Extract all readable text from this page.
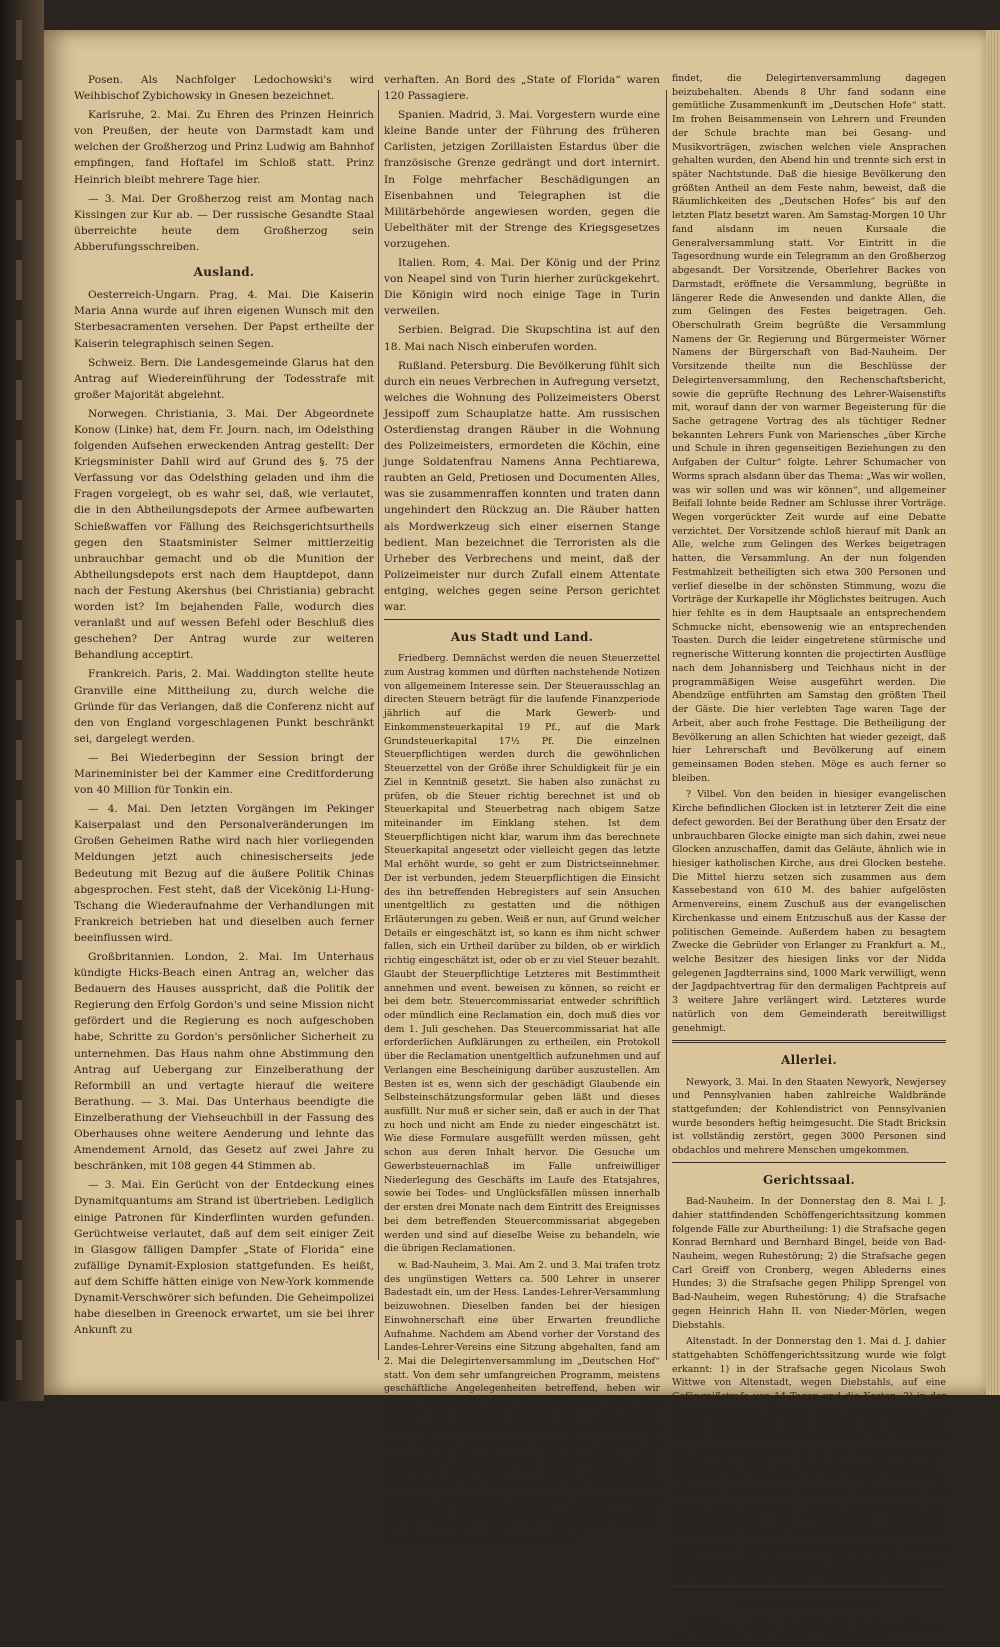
Posen. Als Nachfolger Ledochowski's wird Weihbischof Zybichowsky in Gnesen bezeichnet.

Karlsruhe, 2. Mai. Zu Ehren des Prinzen Heinrich von Preußen, der heute von Darmstadt kam und welchen der Großherzog und Prinz Ludwig am Bahnhof empfingen, fand Hoftafel im Schloß statt. Prinz Heinrich bleibt mehrere Tage hier.

— 3. Mai. Der Großherzog reist am Montag nach Kissingen zur Kur ab. — Der russische Gesandte Staal überreichte heute dem Großherzog sein Abberufungsschreiben.

Ausland.

Oesterreich-Ungarn. Prag, 4. Mai. Die Kaiserin Maria Anna wurde auf ihren eigenen Wunsch mit den Sterbesacramenten versehen. Der Papst ertheilte der Kaiserin telegraphisch seinen Segen.

Schweiz. Bern. Die Landesgemeinde Glarus hat den Antrag auf Wiedereinführung der Todesstrafe mit großer Majorität abgelehnt.

Norwegen. Christiania, 3. Mai. Der Abgeordnete Konow (Linke) hat, dem Fr. Journ. nach, im Odelsthing folgenden Aufsehen erweckenden Antrag gestellt: Der Kriegsminister Dahll wird auf Grund des §. 75 der Verfassung vor das Odelsthing geladen und ihm die Fragen vorgelegt, ob es wahr sei, daß, wie verlautet, die in den Abtheilungsdepots der Armee aufbewarten Schießwaffen vor Fällung des Reichsgerichtsurtheils gegen den Staatsminister Selmer mittlerzeitig unbrauchbar gemacht und ob die Munition der Abtheilungsdepots erst nach dem Hauptdepot, dann nach der Festung Akershus (bei Christiania) gebracht worden ist? Im bejahenden Falle, wodurch dies veranlaßt und auf wessen Befehl oder Beschluß dies geschehen? Der Antrag wurde zur weiteren Behandlung acceptirt.

Frankreich. Paris, 2. Mai. Waddington stellte heute Granville eine Mittheilung zu, durch welche die Gründe für das Verlangen, daß die Conferenz nicht auf den von England vorgeschlagenen Punkt beschränkt sei, dargelegt werden.

— Bei Wiederbeginn der Session bringt der Marineminister bei der Kammer eine Creditforderung von 40 Million für Tonkin ein.

— 4. Mai. Den letzten Vorgängen im Pekinger Kaiserpalast und den Personalveränderungen im Großen Geheimen Rathe wird nach hier vorliegenden Meldungen jetzt auch chinesischerseits jede Bedeutung mit Bezug auf die äußere Politik Chinas abgesprochen. Fest steht, daß der Vicekönig Li-Hung-Tschang die Wiederaufnahme der Verhandlungen mit Frankreich betrieben hat und dieselben auch ferner beeinflussen wird.

Großbritannien. London, 2. Mai. Im Unterhaus kündigte Hicks-Beach einen Antrag an, welcher das Bedauern des Hauses ausspricht, daß die Politik der Regierung den Erfolg Gordon's und seine Mission nicht gefördert und die Regierung es noch aufgeschoben habe, Schritte zu Gordon's persönlicher Sicherheit zu unternehmen. Das Haus nahm ohne Abstimmung den Antrag auf Uebergang zur Einzelberathung der Reformbill an und vertagte hierauf die weitere Berathung. — 3. Mai. Das Unterhaus beendigte die Einzelberathung der Viehseuchbill in der Fassung des Oberhauses ohne weitere Aenderung und lehnte das Amendement Arnold, das Gesetz auf zwei Jahre zu beschränken, mit 108 gegen 44 Stimmen ab.

— 3. Mai. Ein Gerücht von der Entdeckung eines Dynamitquantums am Strand ist übertrieben. Lediglich einige Patronen für Kinderflinten wurden gefunden. Gerüchtweise verlautet, daß auf dem seit einiger Zeit in Glasgow fälligen Dampfer „State of Florida“ eine zufällige Dynamit-Explosion stattgefunden. Es heißt, auf dem Schiffe hätten einige von New-York kommende Dynamit-Verschwörer sich befunden. Die Geheimpolizei habe dieselben in Greenock erwartet, um sie bei ihrer Ankunft zu

verhaften. An Bord des „State of Florida“ waren 120 Passagiere.

Spanien. Madrid, 3. Mai. Vorgestern wurde eine kleine Bande unter der Führung des früheren Carlisten, jetzigen Zorillaisten Estardus über die französische Grenze gedrängt und dort internirt. In Folge mehrfacher Beschädigungen an Eisenbahnen und Telegraphen ist die Militärbehörde angewiesen worden, gegen die Uebelthäter mit der Strenge des Kriegsgesetzes vorzugehen.

Italien. Rom, 4. Mai. Der König und der Prinz von Neapel sind von Turin hierher zurückgekehrt. Die Königin wird noch einige Tage in Turin verweilen.

Serbien. Belgrad. Die Skupschtina ist auf den 18. Mai nach Nisch einberufen worden.

Rußland. Petersburg. Die Bevölkerung fühlt sich durch ein neues Verbrechen in Aufregung versetzt, welches die Wohnung des Polizeimeisters Oberst Jessipoff zum Schauplatze hatte. Am russischen Osterdienstag drangen Räuber in die Wohnung des Polizeimeisters, ermordeten die Köchin, eine junge Soldatenfrau Namens Anna Pechtiarewa, raubten an Geld, Pretiosen und Documenten Alles, was sie zusammenraffen konnten und traten dann ungehindert den Rückzug an. Die Räuber hatten als Mordwerkzeug sich einer eisernen Stange bedient. Man bezeichnet die Terroristen als die Urheber des Verbrechens und meint, daß der Polizeimeister nur durch Zufall einem Attentate entging, welches gegen seine Person gerichtet war.

Aus Stadt und Land.

Friedberg. Demnächst werden die neuen Steuerzettel zum Austrag kommen und dürften nachstehende Notizen von allgemeinem Interesse sein. Der Steuerausschlag an directen Steuern beträgt für die laufende Finanzperiode jährlich auf die Mark Gewerb- und Einkommensteuerkapital 19 Pf., auf die Mark Grundsteuerkapital 17½ Pf. Die einzelnen Steuerpflichtigen werden durch die gewöhnlichen Steuerzettel von der Größe ihrer Schuldigkeit für je ein Ziel in Kenntniß gesetzt. Sie haben also zunächst zu prüfen, ob die Steuer richtig berechnet ist und ob Steuerkapital und Steuerbetrag nach obigem Satze miteinander im Einklang stehen. Ist dem Steuerpflichtigen nicht klar, warum ihm das berechnete Steuerkapital angesetzt oder vielleicht gegen das letzte Mal erhöht wurde, so geht er zum Districtseinnehmer. Der ist verbunden, jedem Steuerpflichtigen die Einsicht des ihn betreffenden Hebregisters auf sein Ansuchen unentgeltlich zu gestatten und die nöthigen Erläuterungen zu geben. Weiß er nun, auf Grund welcher Details er eingeschätzt ist, so kann es ihm nicht schwer fallen, sich ein Urtheil darüber zu bilden, ob er wirklich richtig eingeschätzt ist, oder ob er zu viel Steuer bezahlt. Glaubt der Steuerpflichtige Letzteres mit Bestimmtheit annehmen und event. beweisen zu können, so reicht er bei dem betr. Steuercommissariat entweder schriftlich oder mündlich eine Reclamation ein, doch muß dies vor dem 1. Juli geschehen. Das Steuercommissariat hat alle erforderlichen Aufklärungen zu ertheilen, ein Protokoll über die Reclamation unentgeltlich aufzunehmen und auf Verlangen eine Bescheinigung darüber auszustellen. Am Besten ist es, wenn sich der geschädigt Glaubende ein Selbsteinschätzungsformular geben läßt und dieses ausfüllt. Nur muß er sicher sein, daß er auch in der That zu hoch und nicht am Ende zu nieder eingeschätzt ist. Wie diese Formulare ausgefüllt werden müssen, geht schon aus deren Inhalt hervor. Die Gesuche um Gewerbsteuernachlaß im Falle unfreiwilliger Niederlegung des Geschäfts im Laufe des Etatsjahres, sowie bei Todes- und Unglücksfällen müssen innerhalb der ersten drei Monate nach dem Eintritt des Ereignisses bei dem betreffenden Steuercommissariat abgegeben werden und sind auf dieselbe Weise zu behandeln, wie die übrigen Reclamationen.

w. Bad-Nauheim, 3. Mai. Am 2. und 3. Mai trafen trotz des ungünstigen Wetters ca. 500 Lehrer in unserer Badestadt ein, um der Hess. Landes-Lehrer-Versammlung beizuwohnen. Dieselben fanden bei der hiesigen Einwohnerschaft eine über Erwarten freundliche Aufnahme. Nachdem am Abend vorher der Vorstand des Landes-Lehrer-Vereins eine Sitzung abgehalten, fand am 2. Mai die Delegirtenversammlung im „Deutschen Hof“ statt. Von dem sehr umfangreichen Programm, meistens geschäftliche Angelegenheiten betreffend, heben wir hervor: Berathung und Beschlußfassung über den Entwurf der revidirten Statuten des Landes-Lehrer-Vereins und des Lehrer-Waisenstifts sowie die Gründung eines Vereins provisorisch angestellter Lehrer zu gegenseitiger Unterstützung in Krankheitsfällen, welch sämmtliche Gegenstände mit einigen unwesentlichen Modificationen die Genehmigung der Versammlung erhielten. Am Schlusse wurde noch beschlossen, die nächstjährige Generalversammlung ausfallen zu lassen, da im nächsten Jahre die allgemeine deutsche Lehrerversammlung in Darmstadt statt-

findet, die Delegirtenversammlung dagegen beizubehalten. Abends 8 Uhr fand sodann eine gemütliche Zusammenkunft im „Deutschen Hofe“ statt. Im frohen Beisammensein von Lehrern und Freunden der Schule brachte man bei Gesang- und Musikvorträgen, zwischen welchen viele Ansprachen gehalten wurden, den Abend hin und trennte sich erst in später Nachtstunde. Daß die hiesige Bevölkerung den größten Antheil an dem Feste nahm, beweist, daß die Räumlichkeiten des „Deutschen Hofes“ bis auf den letzten Platz besetzt waren. Am Samstag-Morgen 10 Uhr fand alsdann im neuen Kursaale die Generalversammlung statt. Vor Eintritt in die Tagesordnung wurde ein Telegramm an den Großherzog abgesandt. Der Vorsitzende, Oberlehrer Backes von Darmstadt, eröffnete die Versammlung, begrüßte in längerer Rede die Anwesenden und dankte Allen, die zum Gelingen des Festes beigetragen. Geh. Oberschulrath Greim begrüßte die Versammlung Namens der Gr. Regierung und Bürgermeister Wörner Namens der Bürgerschaft von Bad-Nauheim. Der Vorsitzende theilte nun die Beschlüsse der Delegirtenversammlung, den Rechenschaftsbericht, sowie die geprüfte Rechnung des Lehrer-Waisenstifts mit, worauf dann der von warmer Begeisterung für die Sache getragene Vortrag des als tüchtiger Redner bekannten Lehrers Funk von Mariensches „über Kirche und Schule in ihren gegenseitigen Beziehungen zu den Aufgaben der Cultur“ folgte. Lehrer Schumacher von Worms sprach alsdann über das Thema: „Was wir wollen, was wir sollen und was wir können“, und allgemeiner Beifall lohnte beide Redner am Schlusse ihrer Vorträge. Wegen vorgerückter Zeit wurde auf eine Debatte verzichtet. Der Vorsitzende schloß hierauf mit Dank an Alle, welche zum Gelingen des Werkes beigetragen hatten, die Versammlung. An der nun folgenden Festmahlzeit betheiligten sich etwa 300 Personen und verlief dieselbe in der schönsten Stimmung, wozu die Vorträge der Kurkapelle ihr Möglichstes beitrugen. Auch hier fehlte es in dem Hauptsaale an entsprechendem Schmucke nicht, ebensowenig wie an entsprechenden Toasten. Durch die leider eingetretene stürmische und regnerische Witterung konnten die projectirten Ausflüge nach dem Johannisberg und Teichhaus nicht in der programmäßigen Weise ausgeführt werden. Die Abendzüge entführten am Samstag den größten Theil der Gäste. Die hier verlebten Tage waren Tage der Arbeit, aber auch frohe Festtage. Die Betheiligung der Bevölkerung an allen Schichten hat wieder gezeigt, daß hier Lehrerschaft und Bevölkerung auf einem gemeinsamen Boden stehen. Möge es auch ferner so bleiben.

? Vilbel. Von den beiden in hiesiger evangelischen Kirche befindlichen Glocken ist in letzterer Zeit die eine defect geworden. Bei der Berathung über den Ersatz der unbrauchbaren Glocke einigte man sich dahin, zwei neue Glocken anzuschaffen, damit das Geläute, ähnlich wie in hiesiger katholischen Kirche, aus drei Glocken bestehe. Die Mittel hierzu setzen sich zusammen aus dem Kassebestand von 610 M. des bahier aufgelösten Armenvereins, einem Zuschuß aus der evangelischen Kirchenkasse und einem Entzuschuß aus der Kasse der politischen Gemeinde. Außerdem haben zu besagtem Zwecke die Gebrüder von Erlanger zu Frankfurt a. M., welche Besitzer des hiesigen links vor der Nidda gelegenen Jagdterrains sind, 1000 Mark verwilligt, wenn der Jagdpachtvertrag für den dermaligen Pachtpreis auf 3 weitere Jahre verlängert wird. Letzteres wurde natürlich von dem Gemeinderath bereitwilligst genehmigt.

Allerlei.

Newyork, 3. Mai. In den Staaten Newyork, Newjersey und Pennsylvanien haben zahlreiche Waldbrände stattgefunden; der Kohlendistrict von Pennsylvanien wurde besonders heftig heimgesucht. Die Stadt Bricksin ist vollständig zerstört, gegen 3000 Personen sind obdachlos und mehrere Menschen umgekommen.

Gerichtssaal.

Bad-Nauheim. In der Donnerstag den 8. Mai l. J. dahier stattfindenden Schöffengerichtssitzung kommen folgende Fälle zur Aburtheilung: 1) die Strafsache gegen Konrad Bernhard und Bernhard Bingel, beide von Bad-Nauheim, wegen Ruhestörung; 2) die Strafsache gegen Carl Greiff von Cronberg, wegen Ablederns eines Hundes; 3) die Strafsache gegen Philipp Sprengel von Bad-Nauheim, wegen Ruhestörung; 4) die Strafsache gegen Heinrich Hahn II. von Nieder-Mörlen, wegen Diebstahls.

Altenstadt. In der Donnerstag den 1. Mai d. J. dahier stattgehabten Schöffengerichtssitzung wurde wie folgt erkannt: 1) in der Strafsache gegen Nicolaus Swoh Wittwe von Altenstadt, wegen Diebstahls, auf eine Gefängnißstrafe von 14 Tagen und die Kosten; 2) in der Strafsache gegen Heinrich Kraß von Lindheim und dessen Dienstknecht Ernst Gerlach von Düdelsheim, wegen gemeingefährlichen Vergehens, auf Vertagung der Hauptverhandlung; 3) in der Strafsache gegen Friedrich Carl Kraft, Leo Altenheim und Conr. Blum III., sämmtlich von Höchst a. d. N., wegen Widerstands gegen die Staatsgewalt und bezw. Mißhandlung, und gegen Leo Altenheim, wegen Uebertretung der Feiertagsheiligkeit, auf Freisprechung sämmtlicher Angeklagten, dagegen auf Tragung der Kosten ihrer Betheiligung; 4) in der Strafsache gegen Jobs. Sperling Ehefrau von Haimchen, wegen Pfandveräußerung, auf eine Gefängnißstrafe von drei Tagen und die Kosten.

Handel und Verkehr.

Friedberg, 3. Mai. Wochenmarkt. Butter kostete per Pfd. 0.90—1.00, Eier 1 Stück 5, 2 Stück 9 Pf.
